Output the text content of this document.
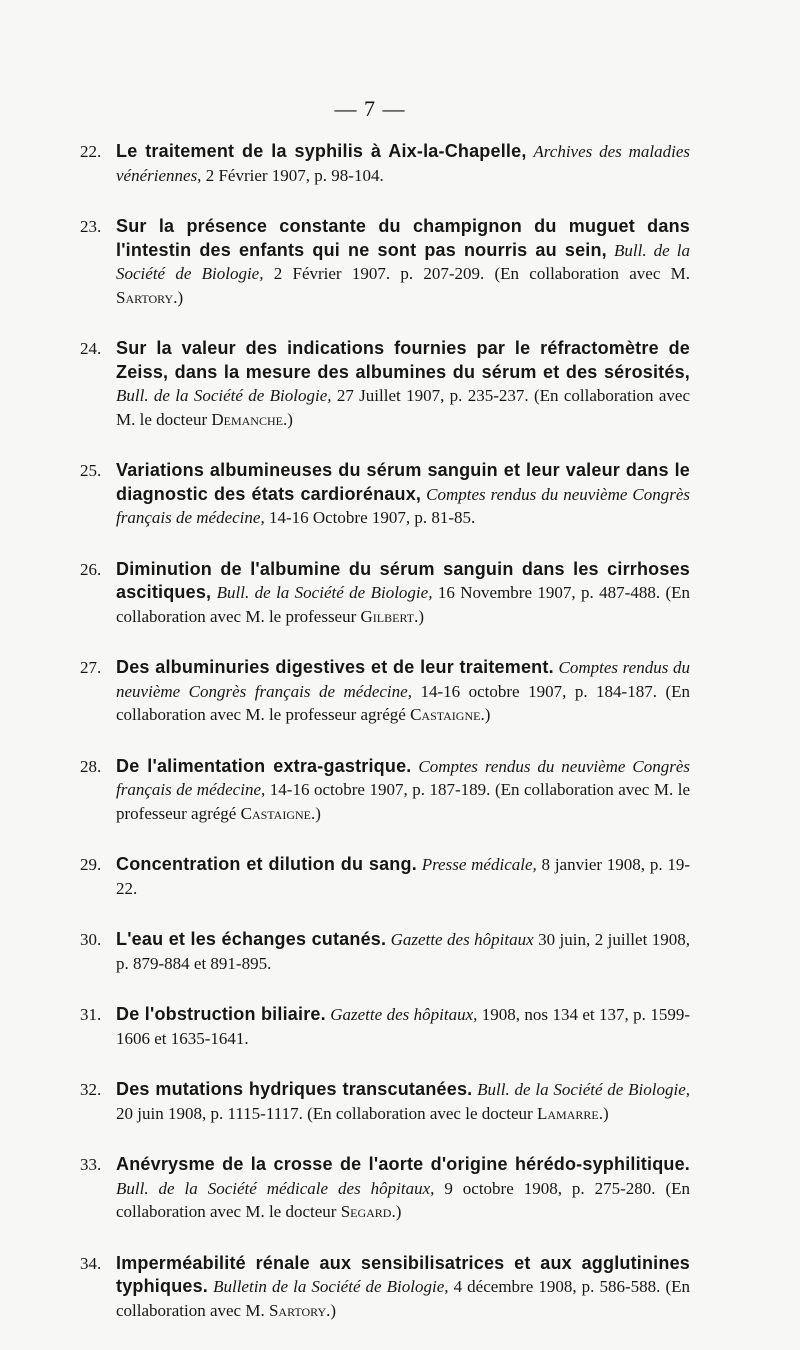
— 7 —
22. Le traitement de la syphilis à Aix-la-Chapelle, Archives des maladies vénériennes, 2 Février 1907, p. 98-104.
23. Sur la présence constante du champignon du muguet dans l'intestin des enfants qui ne sont pas nourris au sein, Bull. de la Société de Biologie, 2 Février 1907. p. 207-209. (En collaboration avec M. Sartory.)
24. Sur la valeur des indications fournies par le réfractomètre de Zeiss, dans la mesure des albumines du sérum et des sérosités, Bull. de la Société de Biologie, 27 Juillet 1907, p. 235-237. (En collaboration avec M. le docteur Demanche.)
25. Variations albumineuses du sérum sanguin et leur valeur dans le diagnostic des états cardiorénaux, Comptes rendus du neuvième Congrès français de médecine, 14-16 Octobre 1907, p. 81-85.
26. Diminution de l'albumine du sérum sanguin dans les cirrhoses ascitiques, Bull. de la Société de Biologie, 16 Novembre 1907, p. 487-488. (En collaboration avec M. le professeur Gilbert.)
27. Des albuminuries digestives et de leur traitement. Comptes rendus du neuvième Congrès français de médecine, 14-16 octobre 1907, p. 184-187. (En collaboration avec M. le professeur agrégé Castaigne.)
28. De l'alimentation extra-gastrique. Comptes rendus du neuvième Congrès français de médecine, 14-16 octobre 1907, p. 187-189. (En collaboration avec M. le professeur agrégé Castaigne.)
29. Concentration et dilution du sang. Presse médicale, 8 janvier 1908, p. 19-22.
30. L'eau et les échanges cutanés. Gazette des hôpitaux 30 juin, 2 juillet 1908, p. 879-884 et 891-895.
31. De l'obstruction biliaire. Gazette des hôpitaux, 1908, nos 134 et 137, p. 1599-1606 et 1635-1641.
32. Des mutations hydriques transcutanées. Bull. de la Société de Biologie, 20 juin 1908, p. 1115-1117. (En collaboration avec le docteur Lamarre.)
33. Anévrysme de la crosse de l'aorte d'origine hérédo-syphilitique. Bull. de la Société médicale des hôpitaux, 9 octobre 1908, p. 275-280. (En collaboration avec M. le docteur Segard.)
34. Imperméabilité rénale aux sensibilisatrices et aux agglutinines typhiques. Bulletin de la Société de Biologie, 4 décembre 1908, p. 586-588. (En collaboration avec M. Sartory.)
